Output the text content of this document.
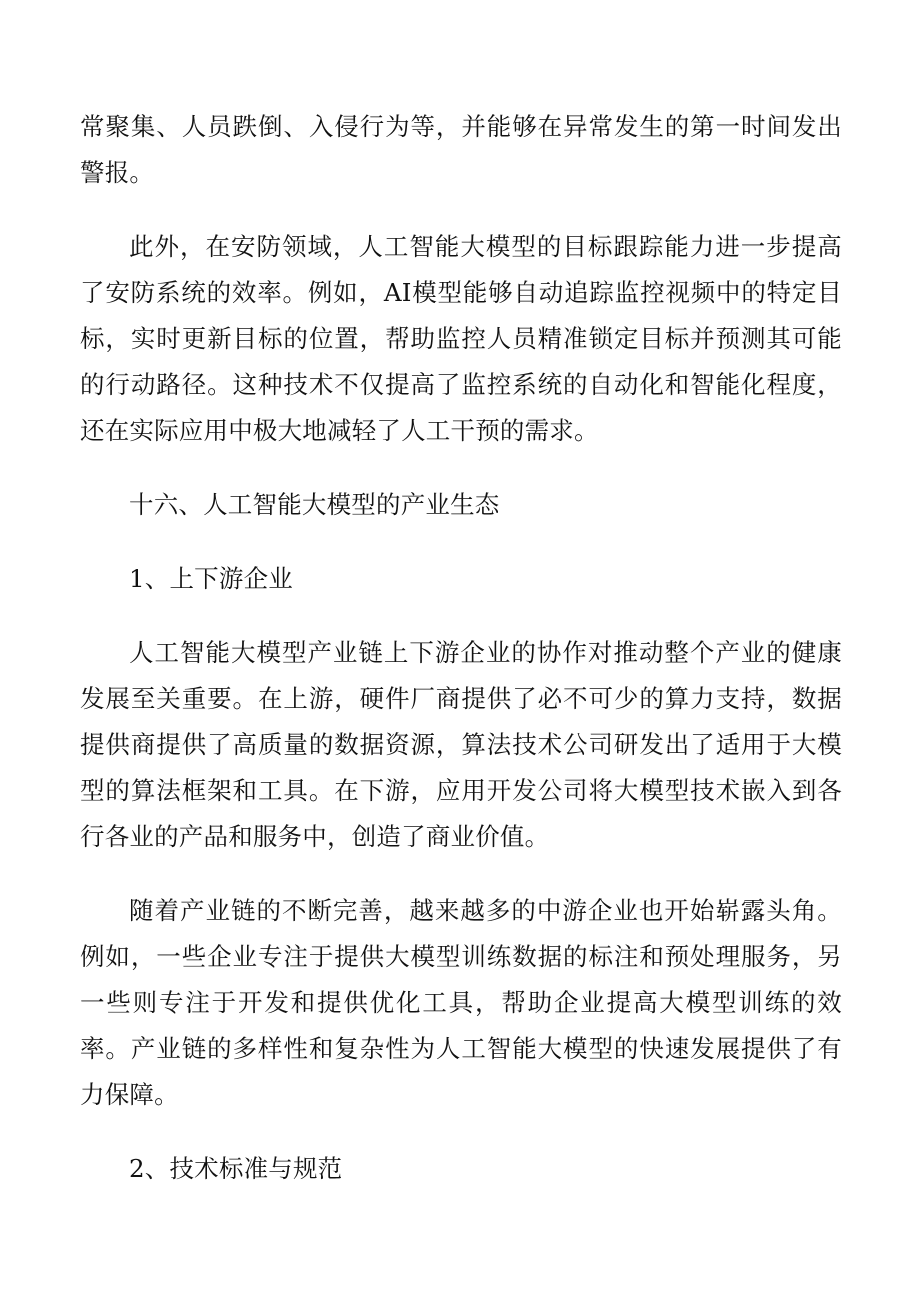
常聚集、人员跌倒、入侵行为等，并能够在异常发生的第一时间发出警报。

此外，在安防领域，人工智能大模型的目标跟踪能力进一步提高了安防系统的效率。例如，AI模型能够自动追踪监控视频中的特定目标，实时更新目标的位置，帮助监控人员精准锁定目标并预测其可能的行动路径。这种技术不仅提高了监控系统的自动化和智能化程度，还在实际应用中极大地减轻了人工干预的需求。

十六、人工智能大模型的产业生态

1、上下游企业

人工智能大模型产业链上下游企业的协作对推动整个产业的健康发展至关重要。在上游，硬件厂商提供了必不可少的算力支持，数据提供商提供了高质量的数据资源，算法技术公司研发出了适用于大模型的算法框架和工具。在下游，应用开发公司将大模型技术嵌入到各行各业的产品和服务中，创造了商业价值。

随着产业链的不断完善，越来越多的中游企业也开始崭露头角。例如，一些企业专注于提供大模型训练数据的标注和预处理服务，另一些则专注于开发和提供优化工具，帮助企业提高大模型训练的效率。产业链的多样性和复杂性为人工智能大模型的快速发展提供了有力保障。

2、技术标准与规范
